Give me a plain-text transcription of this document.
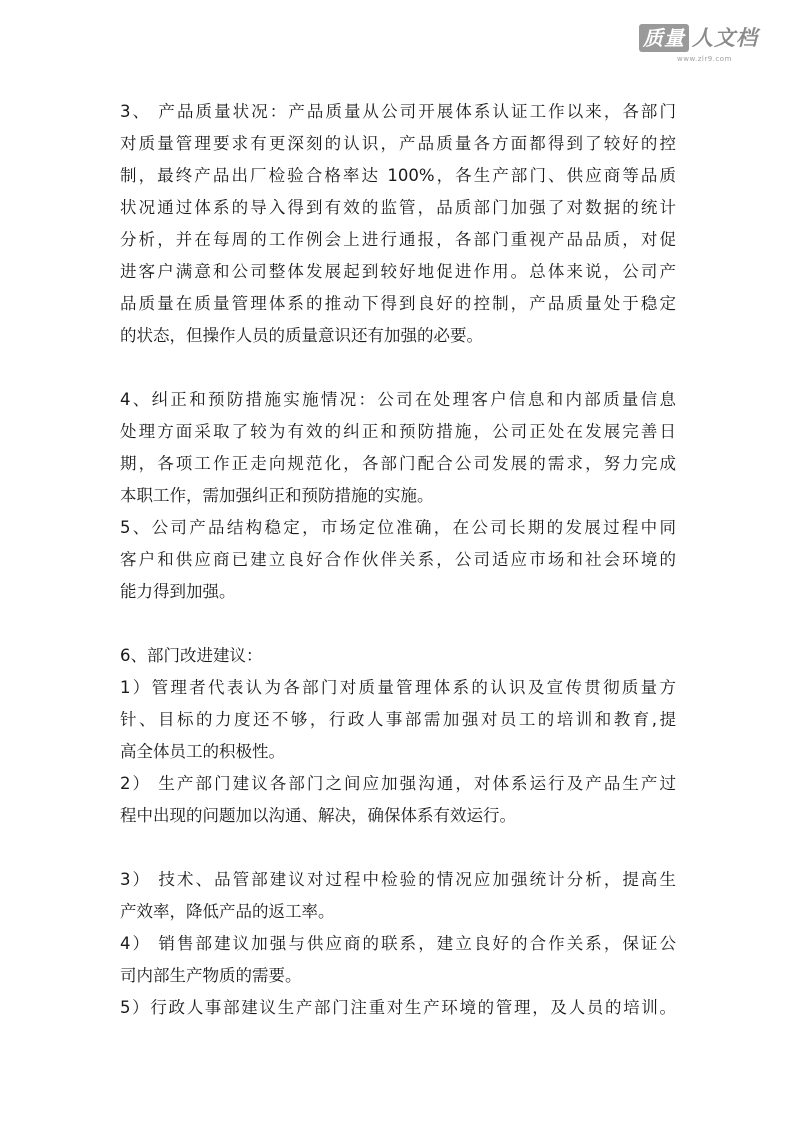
质量 人文档
www.zlr9.com
3、 产品质量状况：产品质量从公司开展体系认证工作以来，各部门
对质量管理要求有更深刻的认识，产品质量各方面都得到了较好的控
制，最终产品出厂检验合格率达 100%，各生产部门、供应商等品质
状况通过体系的导入得到有效的监管，品质部门加强了对数据的统计
分析，并在每周的工作例会上进行通报，各部门重视产品品质，对促
进客户满意和公司整体发展起到较好地促进作用。总体来说，公司产
品质量在质量管理体系的推动下得到良好的控制，产品质量处于稳定
的状态，但操作人员的质量意识还有加强的必要。
4、纠正和预防措施实施情况：公司在处理客户信息和内部质量信息
处理方面采取了较为有效的纠正和预防措施，公司正处在发展完善日
期，各项工作正走向规范化，各部门配合公司发展的需求，努力完成
本职工作，需加强纠正和预防措施的实施。
5、公司产品结构稳定，市场定位准确，在公司长期的发展过程中同
客户和供应商已建立良好合作伙伴关系，公司适应市场和社会环境的
能力得到加强。
6、部门改进建议：
1）管理者代表认为各部门对质量管理体系的认识及宣传贯彻质量方
针、目标的力度还不够，行政人事部需加强对员工的培训和教育,提
高全体员工的积极性。
2） 生产部门建议各部门之间应加强沟通，对体系运行及产品生产过
程中出现的问题加以沟通、解决，确保体系有效运行。
3） 技术、品管部建议对过程中检验的情况应加强统计分析，提高生
产效率，降低产品的返工率。
4） 销售部建议加强与供应商的联系，建立良好的合作关系，保证公
司内部生产物质的需要。
5）行政人事部建议生产部门注重对生产环境的管理，及人员的培训。
